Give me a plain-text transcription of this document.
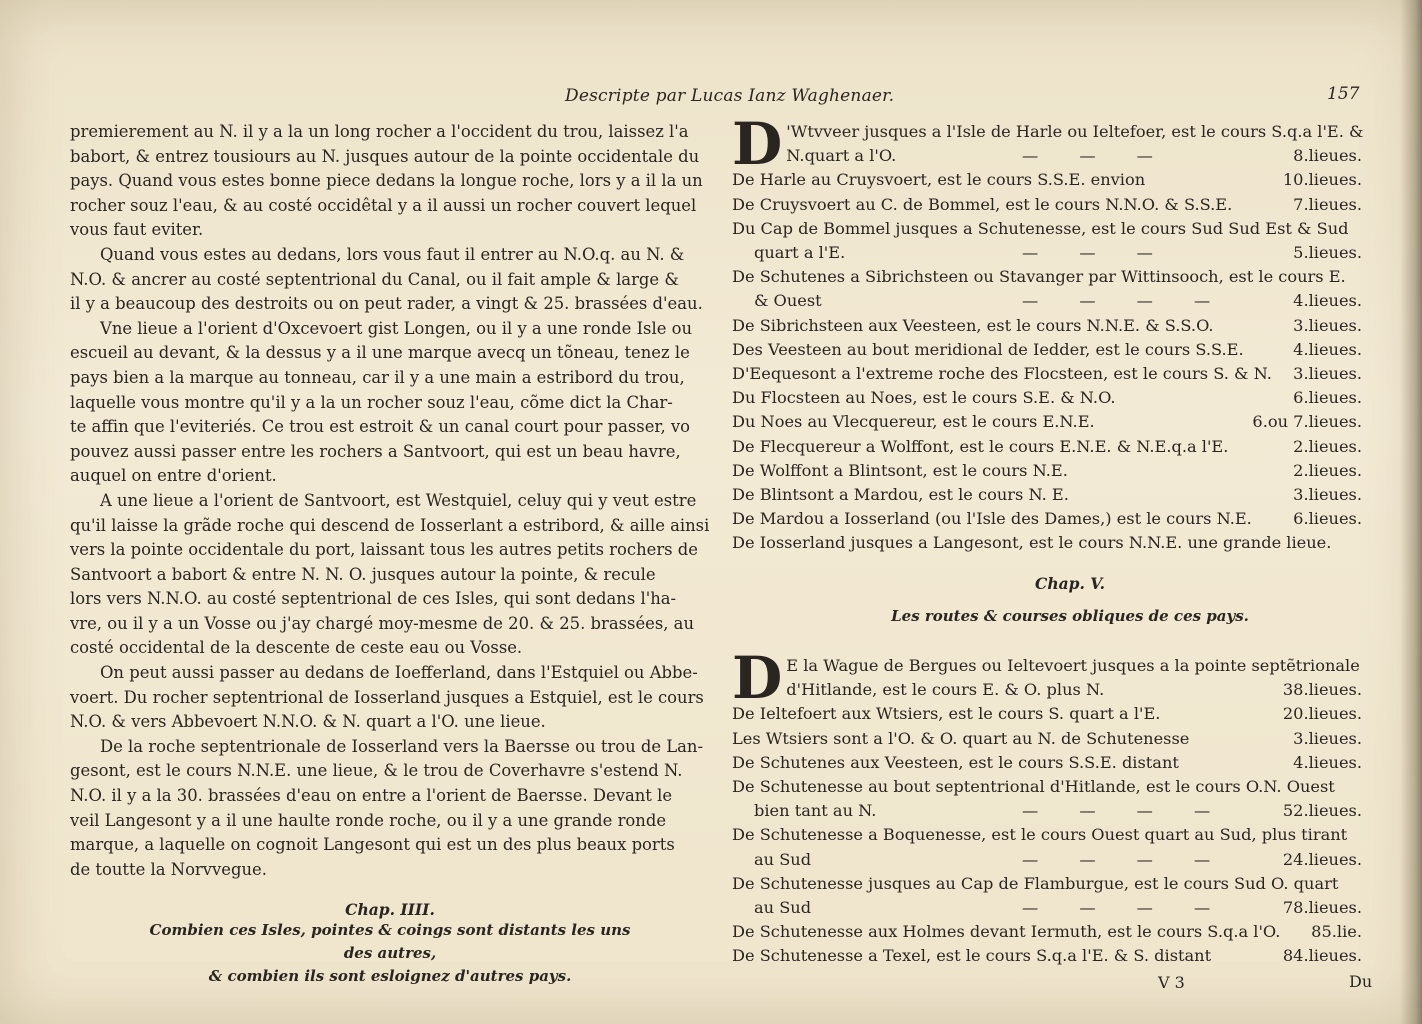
Descripte par Lucas Ianz Waghenaer.	157

premierement au N. il y a la un long rocher a l'occident du trou, laissez l'a
babort, & entrez tousiours au N. jusques autour de la pointe occidentale du
pays. Quand vous estes bonne piece dedans la longue roche, lors y a il la un
rocher souz l'eau, & au costé occidêtal y a il aussi un rocher couvert lequel
vous faut eviter.

Quand vous estes au dedans, lors vous faut il entrer au N.O.q. au N. &
N.O. & ancrer au costé septentrional du Canal, ou il fait ample & large &
il y a beaucoup des destroits ou on peut rader, a vingt & 25. brassées d'eau.

Vne lieue a l'orient d'Oxcevoert gist Longen, ou il y a une ronde Isle ou
escueil au devant, & la dessus y a il une marque avecq un tõneau, tenez le
pays bien a la marque au tonneau, car il y a une main a estribord du trou,
laquelle vous montre qu'il y a la un rocher souz l'eau, cõme dict la Char-
te affin que l'eviteriés. Ce trou est estroit & un canal court pour passer, vo
pouvez aussi passer entre les rochers a Santvoort, qui est un beau havre,
auquel on entre d'orient.

A une lieue a l'orient de Santvoort, est Westquiel, celuy qui y veut estre
qu'il laisse la grãde roche qui descend de Iosserlant a estribord, & aille ainsi
vers la pointe occidentale du port, laissant tous les autres petits rochers de
Santvoort a babort & entre N. N. O. jusques autour la pointe, & recule
lors vers N.N.O. au costé septentrional de ces Isles, qui sont dedans l'ha-
vre, ou il y a un Vosse ou j'ay chargé moy-mesme de 20. & 25. brassées, au
costé occidental de la descente de ceste eau ou Vosse.

On peut aussi passer au dedans de Ioefferland, dans l'Estquiel ou Abbe-
voert. Du rocher septentrional de Iosserland jusques a Estquiel, est le cours
N.O. & vers Abbevoert N.N.O. & N. quart a l'O. une lieue.

De la roche septentrionale de Iosserland vers la Baersse ou trou de Lan-
gesont, est le cours N.N.E. une lieue, & le trou de Coverhavre s'estend N.
N.O. il y a la 30. brassées d'eau on entre a l'orient de Baersse. Devant le
veil Langesont y a il une haulte ronde roche, ou il y a une grande ronde
marque, a laquelle on cognoit Langesont qui est un des plus beaux ports
de toutte la Norvvegue.

Chap. IIII.

Combien ces Isles, pointes & coings sont distants les uns des autres,

& combien ils sont esloignez d'autres pays.

D 'Wtvveer jusques a l'Isle de Harle ou Ieltefoer, est le cours S.q.a l'E. &
N.quart a l'O.	— — —	8.lieues.
De Harle au Cruysvoert, est le cours S.S.E. envion	10.lieues.
De Cruysvoert au C. de Bommel, est le cours N.N.O. & S.S.E.	7.lieues.
Du Cap de Bommel jusques a Schutenesse, est le cours Sud Sud Est & Sud
quart a l'E.	— — —	5.lieues.
De Schutenes a Sibrichsteen ou Stavanger par Wittinsooch, est le cours E.
& Ouest	— — — —	4.lieues.
De Sibrichsteen aux Veesteen, est le cours N.N.E. & S.S.O.	3.lieues.
Des Veesteen au bout meridional de Iedder, est le cours S.S.E.	4.lieues.
D'Eequesont a l'extreme roche des Flocsteen, est le cours S. & N. 3.lieues.
Du Flocsteen au Noes, est le cours S.E. & N.O.	6.lieues.
Du Noes au Vlecquereur, est le cours E.N.E.	6.ou 7.lieues.
De Flecquereur a Wolffont, est le cours E.N.E. & N.E.q.a l'E.	2.lieues.
De Wolffont a Blintsont, est le cours N.E.	2.lieues.
De Blintsont a Mardou, est le cours N. E.	3.lieues.
De Mardou a Iosserland (ou l'Isle des Dames,) est le cours N.E.	6.lieues.
De Iosserland jusques a Langesont, est le cours N.N.E. une grande lieue.

Chap. V.

Les routes & courses obliques de ces pays.

D E la Wague de Bergues ou Ieltevoert jusques a la pointe septẽtrionale
d'Hitlande, est le cours E. & O. plus N.	38.lieues.
De Ieltefoert aux Wtsiers, est le cours S. quart a l'E.	20.lieues.
Les Wtsiers sont a l'O. & O. quart au N. de Schutenesse	3.lieues.
De Schutenes aux Veesteen, est le cours S.S.E. distant	4.lieues.
De Schutenesse au bout septentrional d'Hitlande, est le cours O.N. Ouest
bien tant au N.	— — — —	52.lieues.
De Schutenesse a Boquenesse, est le cours Ouest quart au Sud, plus tirant
au Sud	— — — —	24.lieues.
De Schutenesse jusques au Cap de Flamburgue, est le cours Sud O. quart
au Sud	— — — —	78.lieues.
De Schutenesse aux Holmes devant Iermuth, est le cours S.q.a l'O. 85.lie.
De Schutenesse a Texel, est le cours S.q.a l'E. & S. distant	84.lieues.
V 3	Du
